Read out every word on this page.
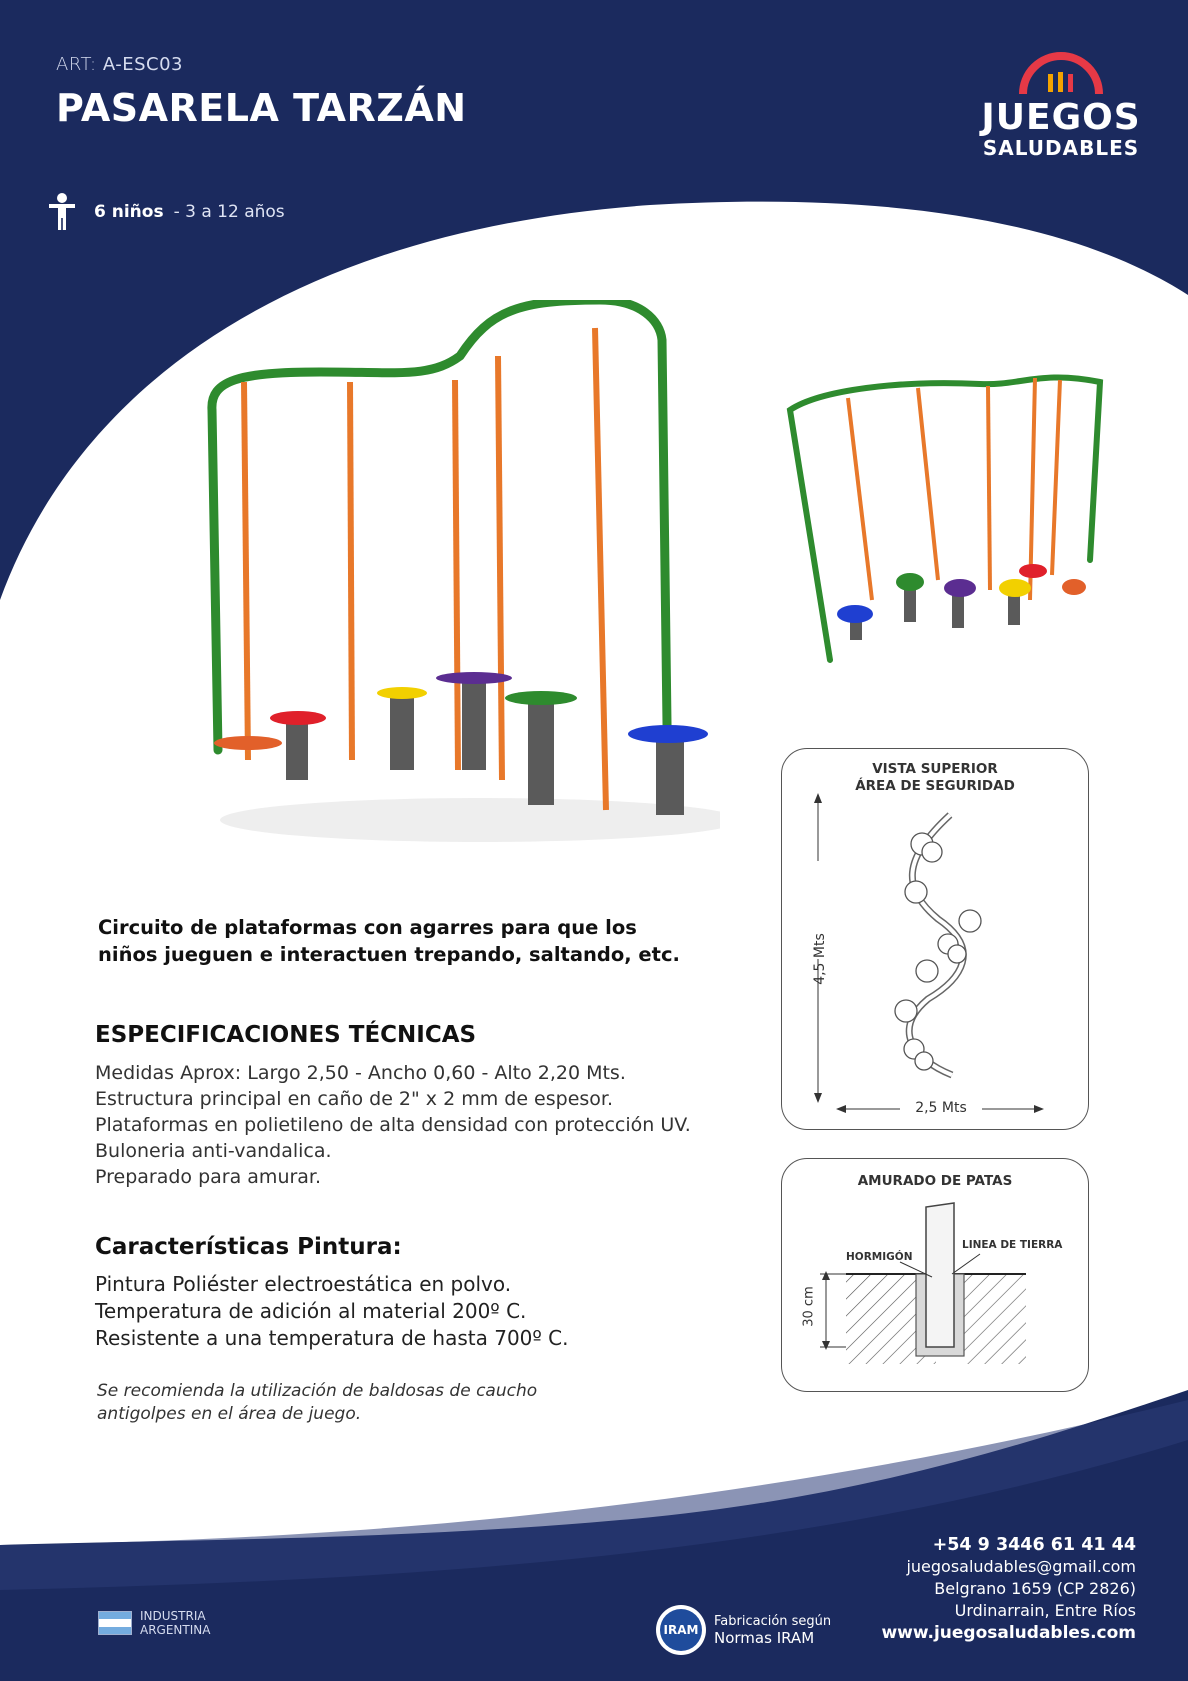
ART: A-ESC03
PASARELA TARZÁN
6 niños - 3 a 12 años
JUEGOS
SALUDABLES
Circuito de plataformas con agarres para que los niños jueguen e interactuen trepando, saltando, etc.
ESPECIFICACIONES TÉCNICAS
Medidas Aprox: Largo 2,50 - Ancho 0,60 - Alto 2,20 Mts.
Estructura principal en caño de 2" x 2 mm de espesor.
Plataformas en polietileno de alta densidad con protección UV.
Buloneria anti-vandalica.
Preparado para amurar.
Características Pintura:
Pintura Poliéster electroestática en polvo.
Temperatura de adición al material 200º C.
Resistente a una temperatura de hasta 700º C.
Se recomienda la utilización de baldosas de caucho antigolpes en el área de juego.
VISTA SUPERIOR
ÁREA DE SEGURIDAD
4,5 Mts
2,5 Mts
AMURADO DE PATAS
HORMIGÓN
LINEA DE TIERRA
30 cm
+54 9 3446 61 41 44
juegosaludables@gmail.com
Belgrano 1659 (CP 2826)
Urdinarrain, Entre Ríos
www.juegosaludables.com
INDUSTRIA
ARGENTINA	IRAM
Fabricación según
Normas IRAM
